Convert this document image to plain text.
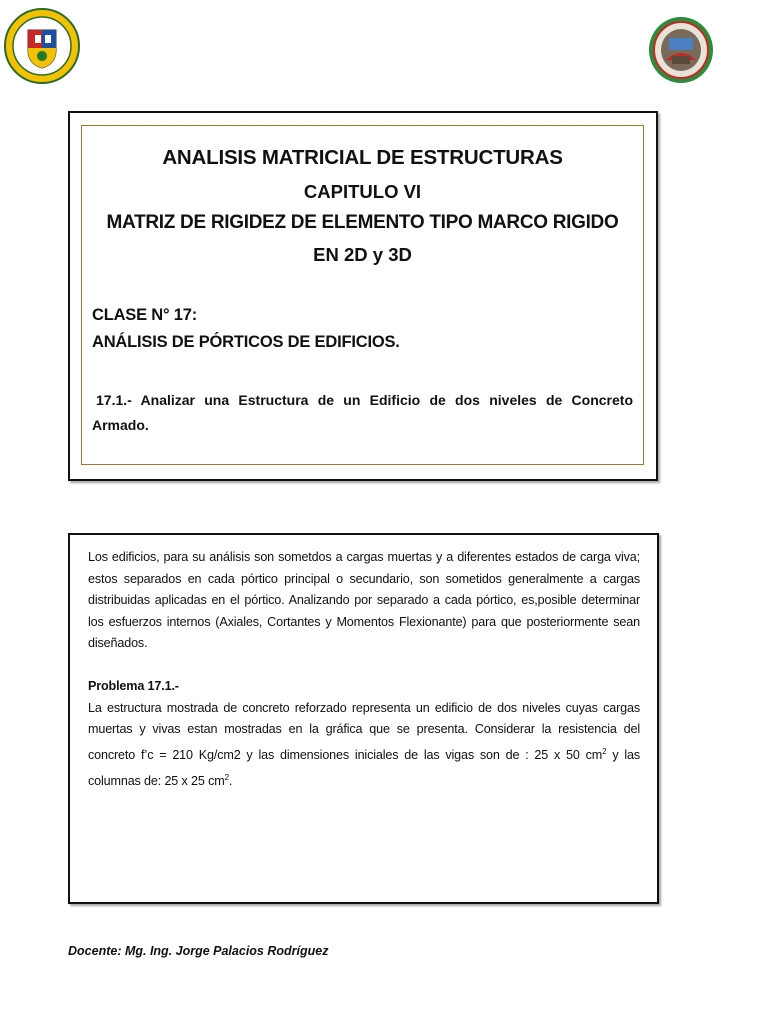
ANALISIS MATRICIAL DE ESTRUCTURAS
CAPITULO VI
MATRIZ DE RIGIDEZ DE ELEMENTO TIPO MARCO RIGIDO
EN 2D y 3D
CLASE N° 17:
ANÁLISIS DE PÓRTICOS DE EDIFICIOS.
17.1.- Analizar una Estructura de un Edificio de dos niveles de Concreto Armado.

Los edificios, para su análisis son sometdos a cargas muertas y a diferentes estados de carga viva; estos separados en cada pórtico principal o secundario, son sometidos generalmente a cargas distribuidas aplicadas en el pórtico. Analizando por separado a cada pórtico, es,posible determinar los esfuerzos internos (Axiales, Cortantes y Momentos Flexionante) para que posteriormente sean diseñados.

Problema 17.1.-

La estructura mostrada de concreto reforzado representa un edificio de dos niveles cuyas cargas muertas y vivas estan mostradas en la gráfica que se presenta. Considerar la resistencia del concreto f’c = 210 Kg/cm2 y las dimensiones iniciales de las vigas son de : 25 x 50 $cm^2$ y las columnas de: 25 x 25 $cm^2$.

Docente: Mg. Ing. Jorge Palacios Rodríguez
